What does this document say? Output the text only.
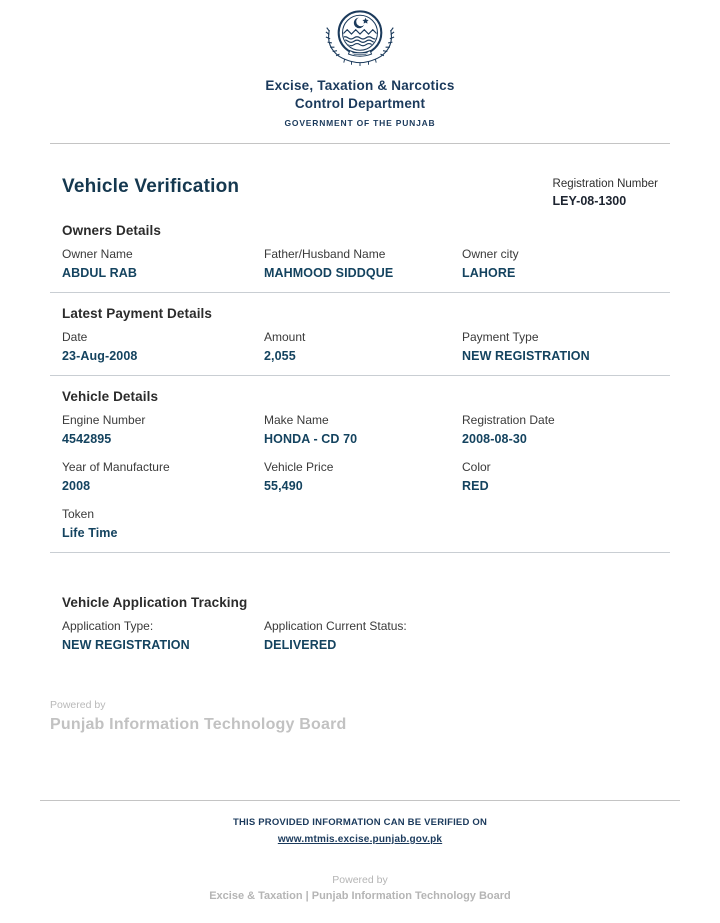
Excise, Taxation & Narcotics
Control Department
GOVERNMENT OF THE PUNJAB
Vehicle Verification	Registration Number
LEY-08-1300
Owners Details
Owner Name
ABDUL RAB
Father/Husband Name
MAHMOOD SIDDQUE
Owner city
LAHORE
Latest Payment Details
Date
23-Aug-2008
Amount
2,055
Payment Type
NEW REGISTRATION
Vehicle Details
Engine Number
4542895
Make Name
HONDA - CD 70
Registration Date
2008-08-30
Year of Manufacture
2008
Vehicle Price
55,490
Color
RED
Token
Life Time
Vehicle Application Tracking
Application Type:
NEW REGISTRATION
Application Current Status:
DELIVERED
Powered by
Punjab Information Technology Board
THIS PROVIDED INFORMATION CAN BE VERIFIED ON
www.mtmis.excise.punjab.gov.pk
Powered by
Excise & Taxation | Punjab Information Technology Board
